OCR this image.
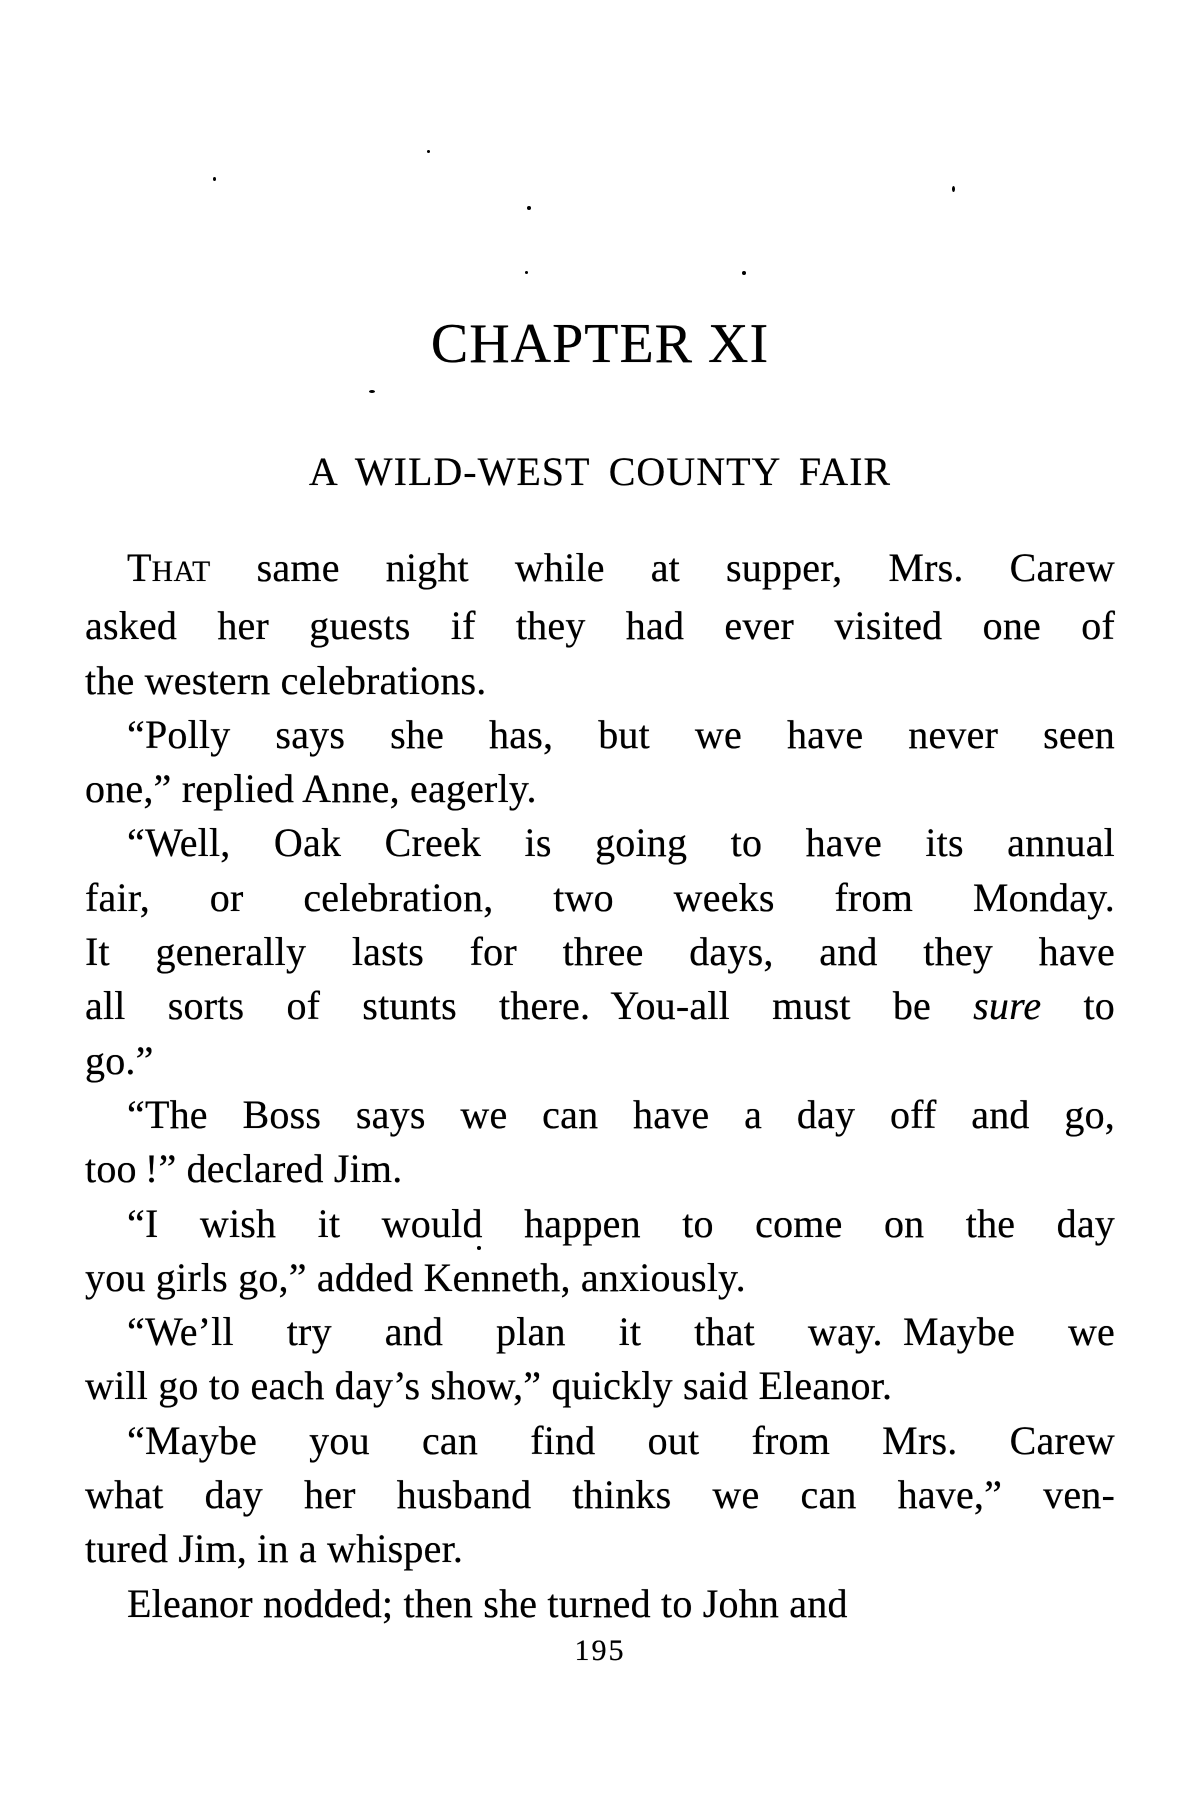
CHAPTER XI
A WILD-WEST COUNTY FAIR
THAT same night while at supper, Mrs. Carew
asked her guests if they had ever visited one of
the western celebrations.
“Polly says she has, but we have never seen
one,” replied Anne, eagerly.
“Well, Oak Creek is going to have its annual
fair, or celebration, two weeks from Monday.
It generally lasts for three days, and they have
all sorts of stunts there. You-all must be sure to
go.”
“The Boss says we can have a day off and go,
too !” declared Jim.
“I wish it would happen to come on the day
you girls go,” added Kenneth, anxiously.
“We’ll try and plan it that way. Maybe we
will go to each day’s show,” quickly said Eleanor.
“Maybe you can find out from Mrs. Carew
what day her husband thinks we can have,” ven-
tured Jim, in a whisper.
Eleanor nodded; then she turned to John and
195
